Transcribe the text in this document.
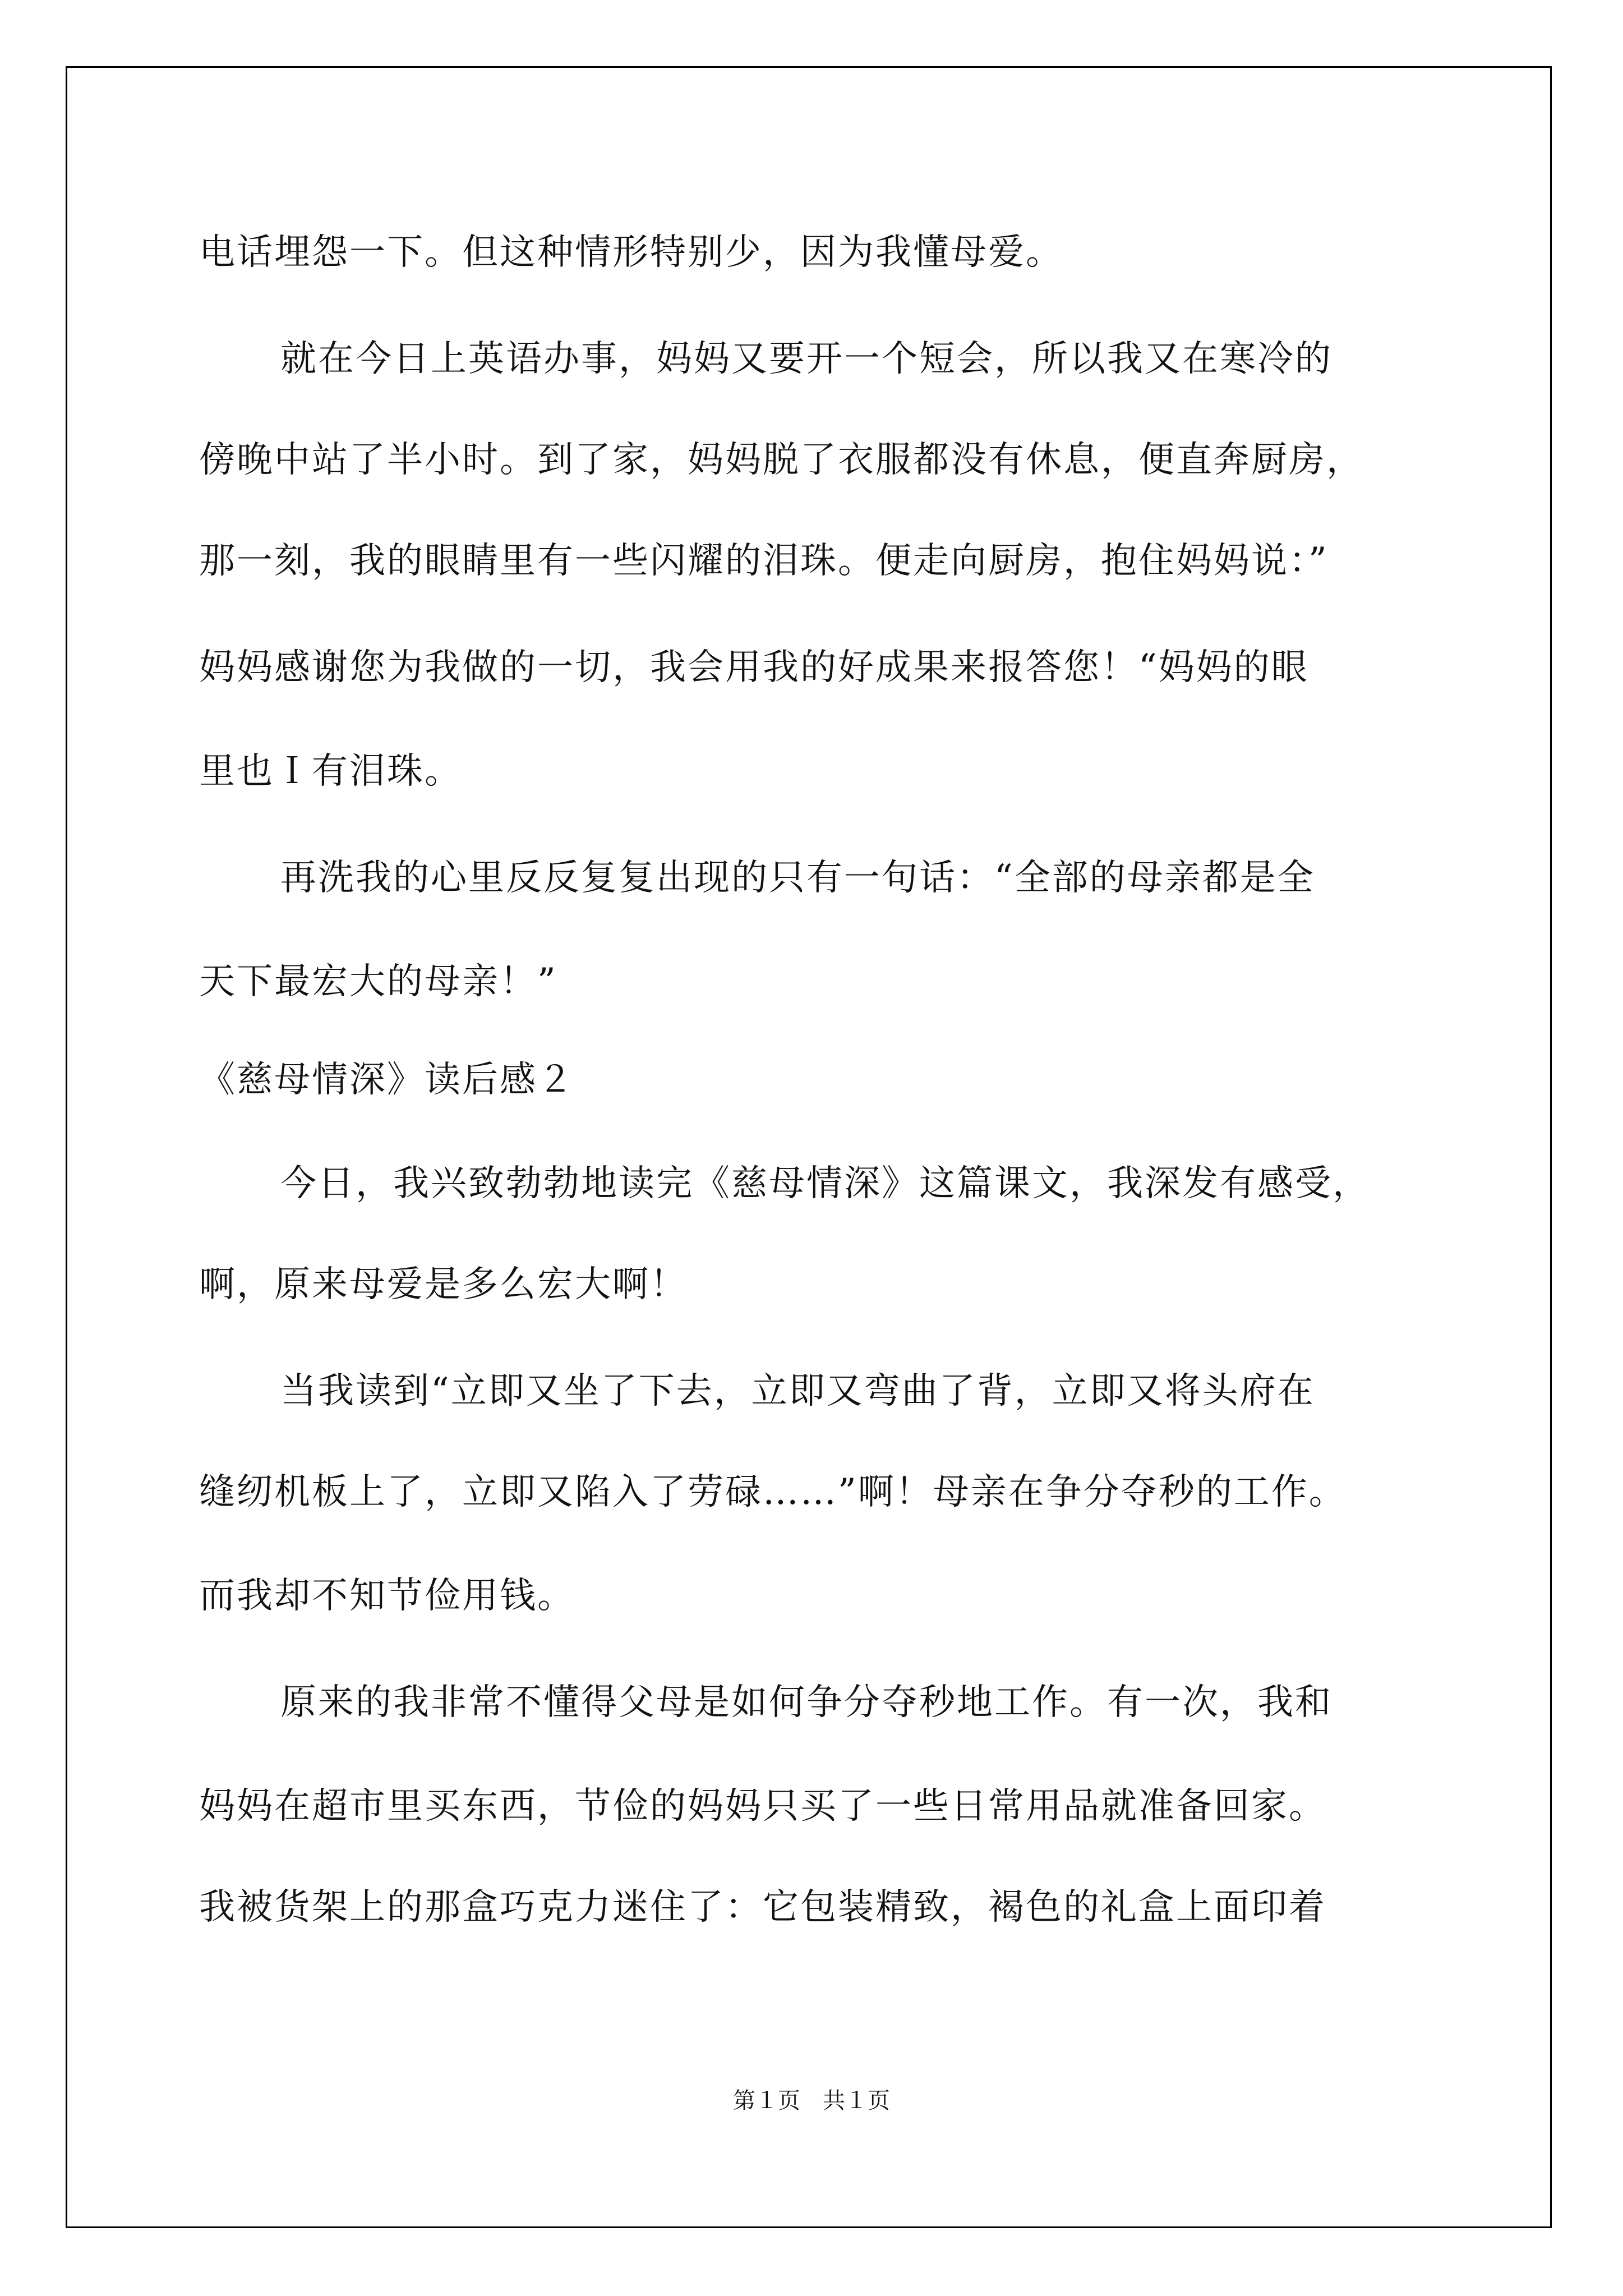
电话埋怨一下。但这种情形特别少，因为我懂母爱。

就在今日上英语办事，妈妈又要开一个短会，所以我又在寒冷的

傍晚中站了半小时。到了家，妈妈脱了衣服都没有休息，便直奔厨房，

那一刻，我的眼睛里有一些闪耀的泪珠。便走向厨房，抱住妈妈说：”

妈妈感谢您为我做的一切，我会用我的好成果来报答您！“妈妈的眼

里也Ｉ有泪珠。

再洗我的心里反反复复出现的只有一句话：“全部的母亲都是全

天下最宏大的母亲！”

《慈母情深》读后感２

今日，我兴致勃勃地读完《慈母情深》这篇课文，我深发有感受，

啊，原来母爱是多么宏大啊！

当我读到“立即又坐了下去，立即又弯曲了背，立即又将头府在

缝纫机板上了，立即又陷入了劳碌……”啊！母亲在争分夺秒的工作。

而我却不知节俭用钱。

原来的我非常不懂得父母是如何争分夺秒地工作。有一次，我和

妈妈在超市里买东西，节俭的妈妈只买了一些日常用品就准备回家。

我被货架上的那盒巧克力迷住了：它包装精致，褐色的礼盒上面印着

第１页　共１页
